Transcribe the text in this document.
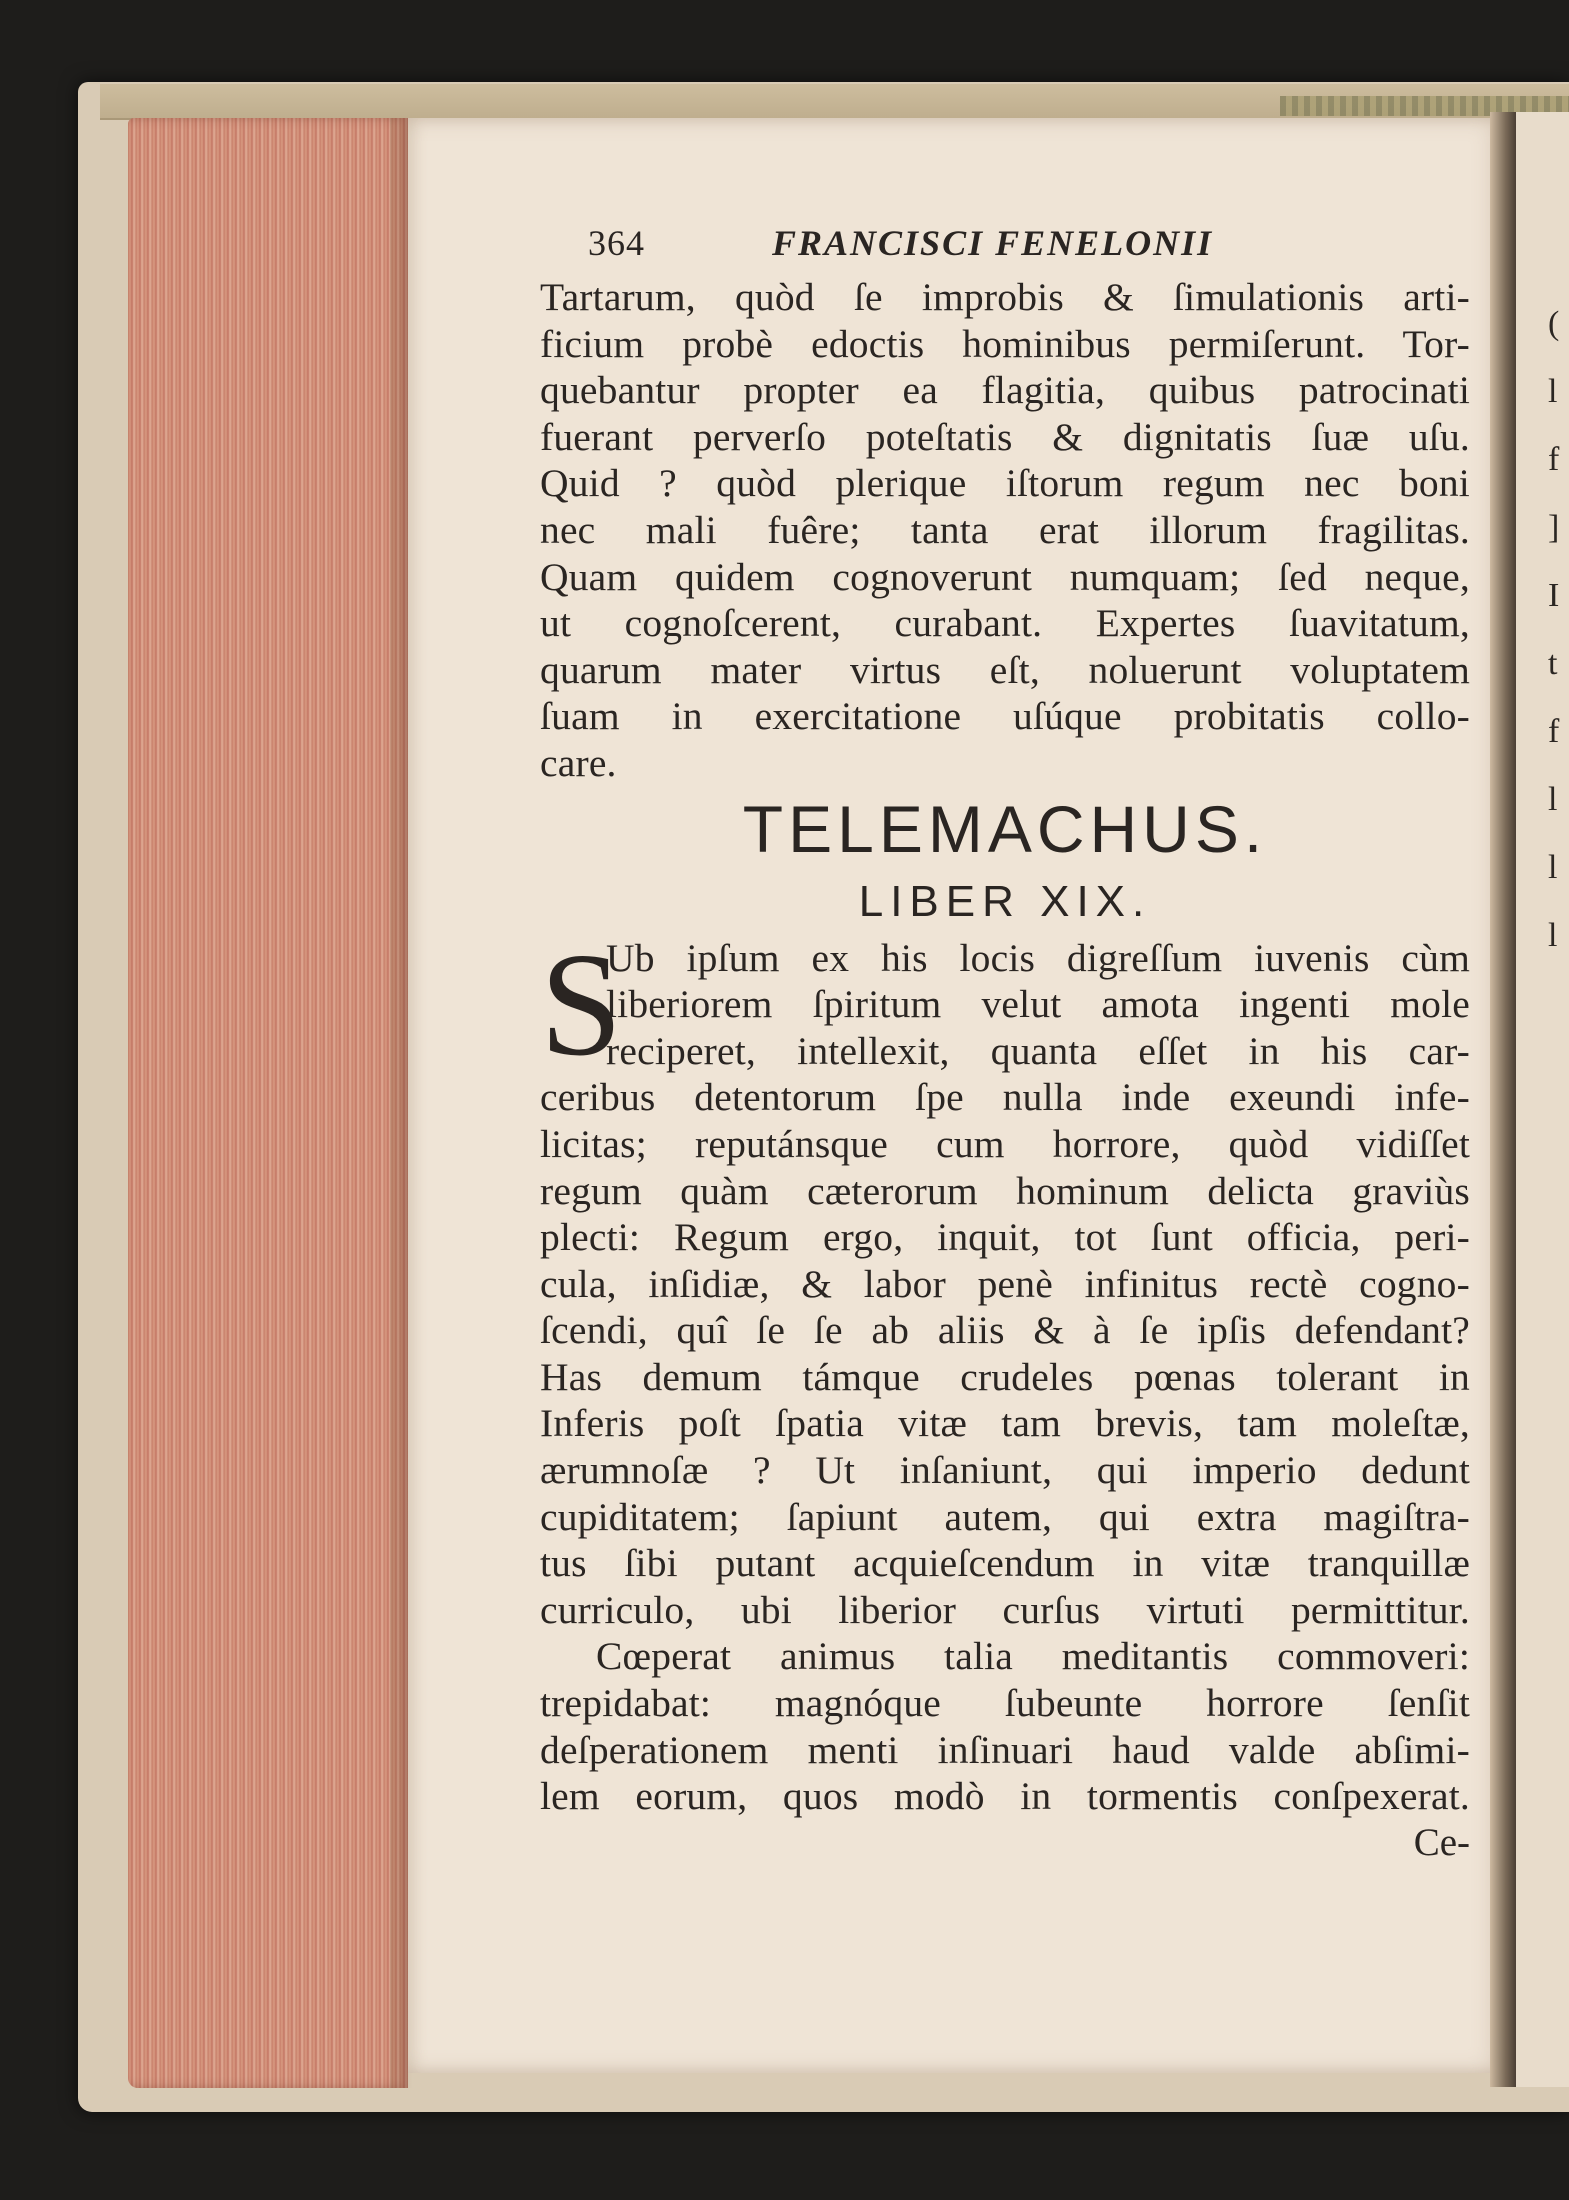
(
l
f
]
I
t
f
l
l
l
364	FRANCISCI FENELONII
Tartarum, quòd ſe improbis & ſimulationis arti-
ficium probè edoctis hominibus permiſerunt. Tor-
quebantur propter ea flagitia, quibus patrocinati
fuerant perverſo poteſtatis & dignitatis ſuæ uſu.
Quid ? quòd plerique iſtorum regum nec boni
nec mali fuêre; tanta erat illorum fragilitas.
Quam quidem cognoverunt numquam; ſed neque,
ut cognoſcerent, curabant. Expertes ſuavitatum,
quarum mater virtus eſt, noluerunt voluptatem
ſuam in exercitatione uſúque probitatis collo-
care.
TELEMACHUS.
LIBER XIX.
S
Ub ipſum ex his locis digreſſum iuvenis cùm
liberiorem ſpiritum velut amota ingenti mole
reciperet, intellexit, quanta eſſet in his car-
ceribus detentorum ſpe nulla inde exeundi infe-
licitas; reputánsque cum horrore, quòd vidiſſet
regum quàm cæterorum hominum delicta graviùs
plecti: Regum ergo, inquit, tot ſunt officia, peri-
cula, inſidiæ, & labor penè infinitus rectè cogno-
ſcendi, quî ſe ſe ab aliis & à ſe ipſis defendant?
Has demum támque crudeles pœnas tolerant in
Inferis poſt ſpatia vitæ tam brevis, tam moleſtæ,
ærumnoſæ ? Ut inſaniunt, qui imperio dedunt
cupiditatem; ſapiunt autem, qui extra magiſtra-
tus ſibi putant acquieſcendum in vitæ tranquillæ
curriculo, ubi liberior curſus virtuti permittitur.
Cœperat animus talia meditantis commoveri:
trepidabat: magnóque ſubeunte horrore ſenſit
deſperationem menti inſinuari haud valde abſimi-
lem eorum, quos modò in tormentis conſpexerat.
Ce-
